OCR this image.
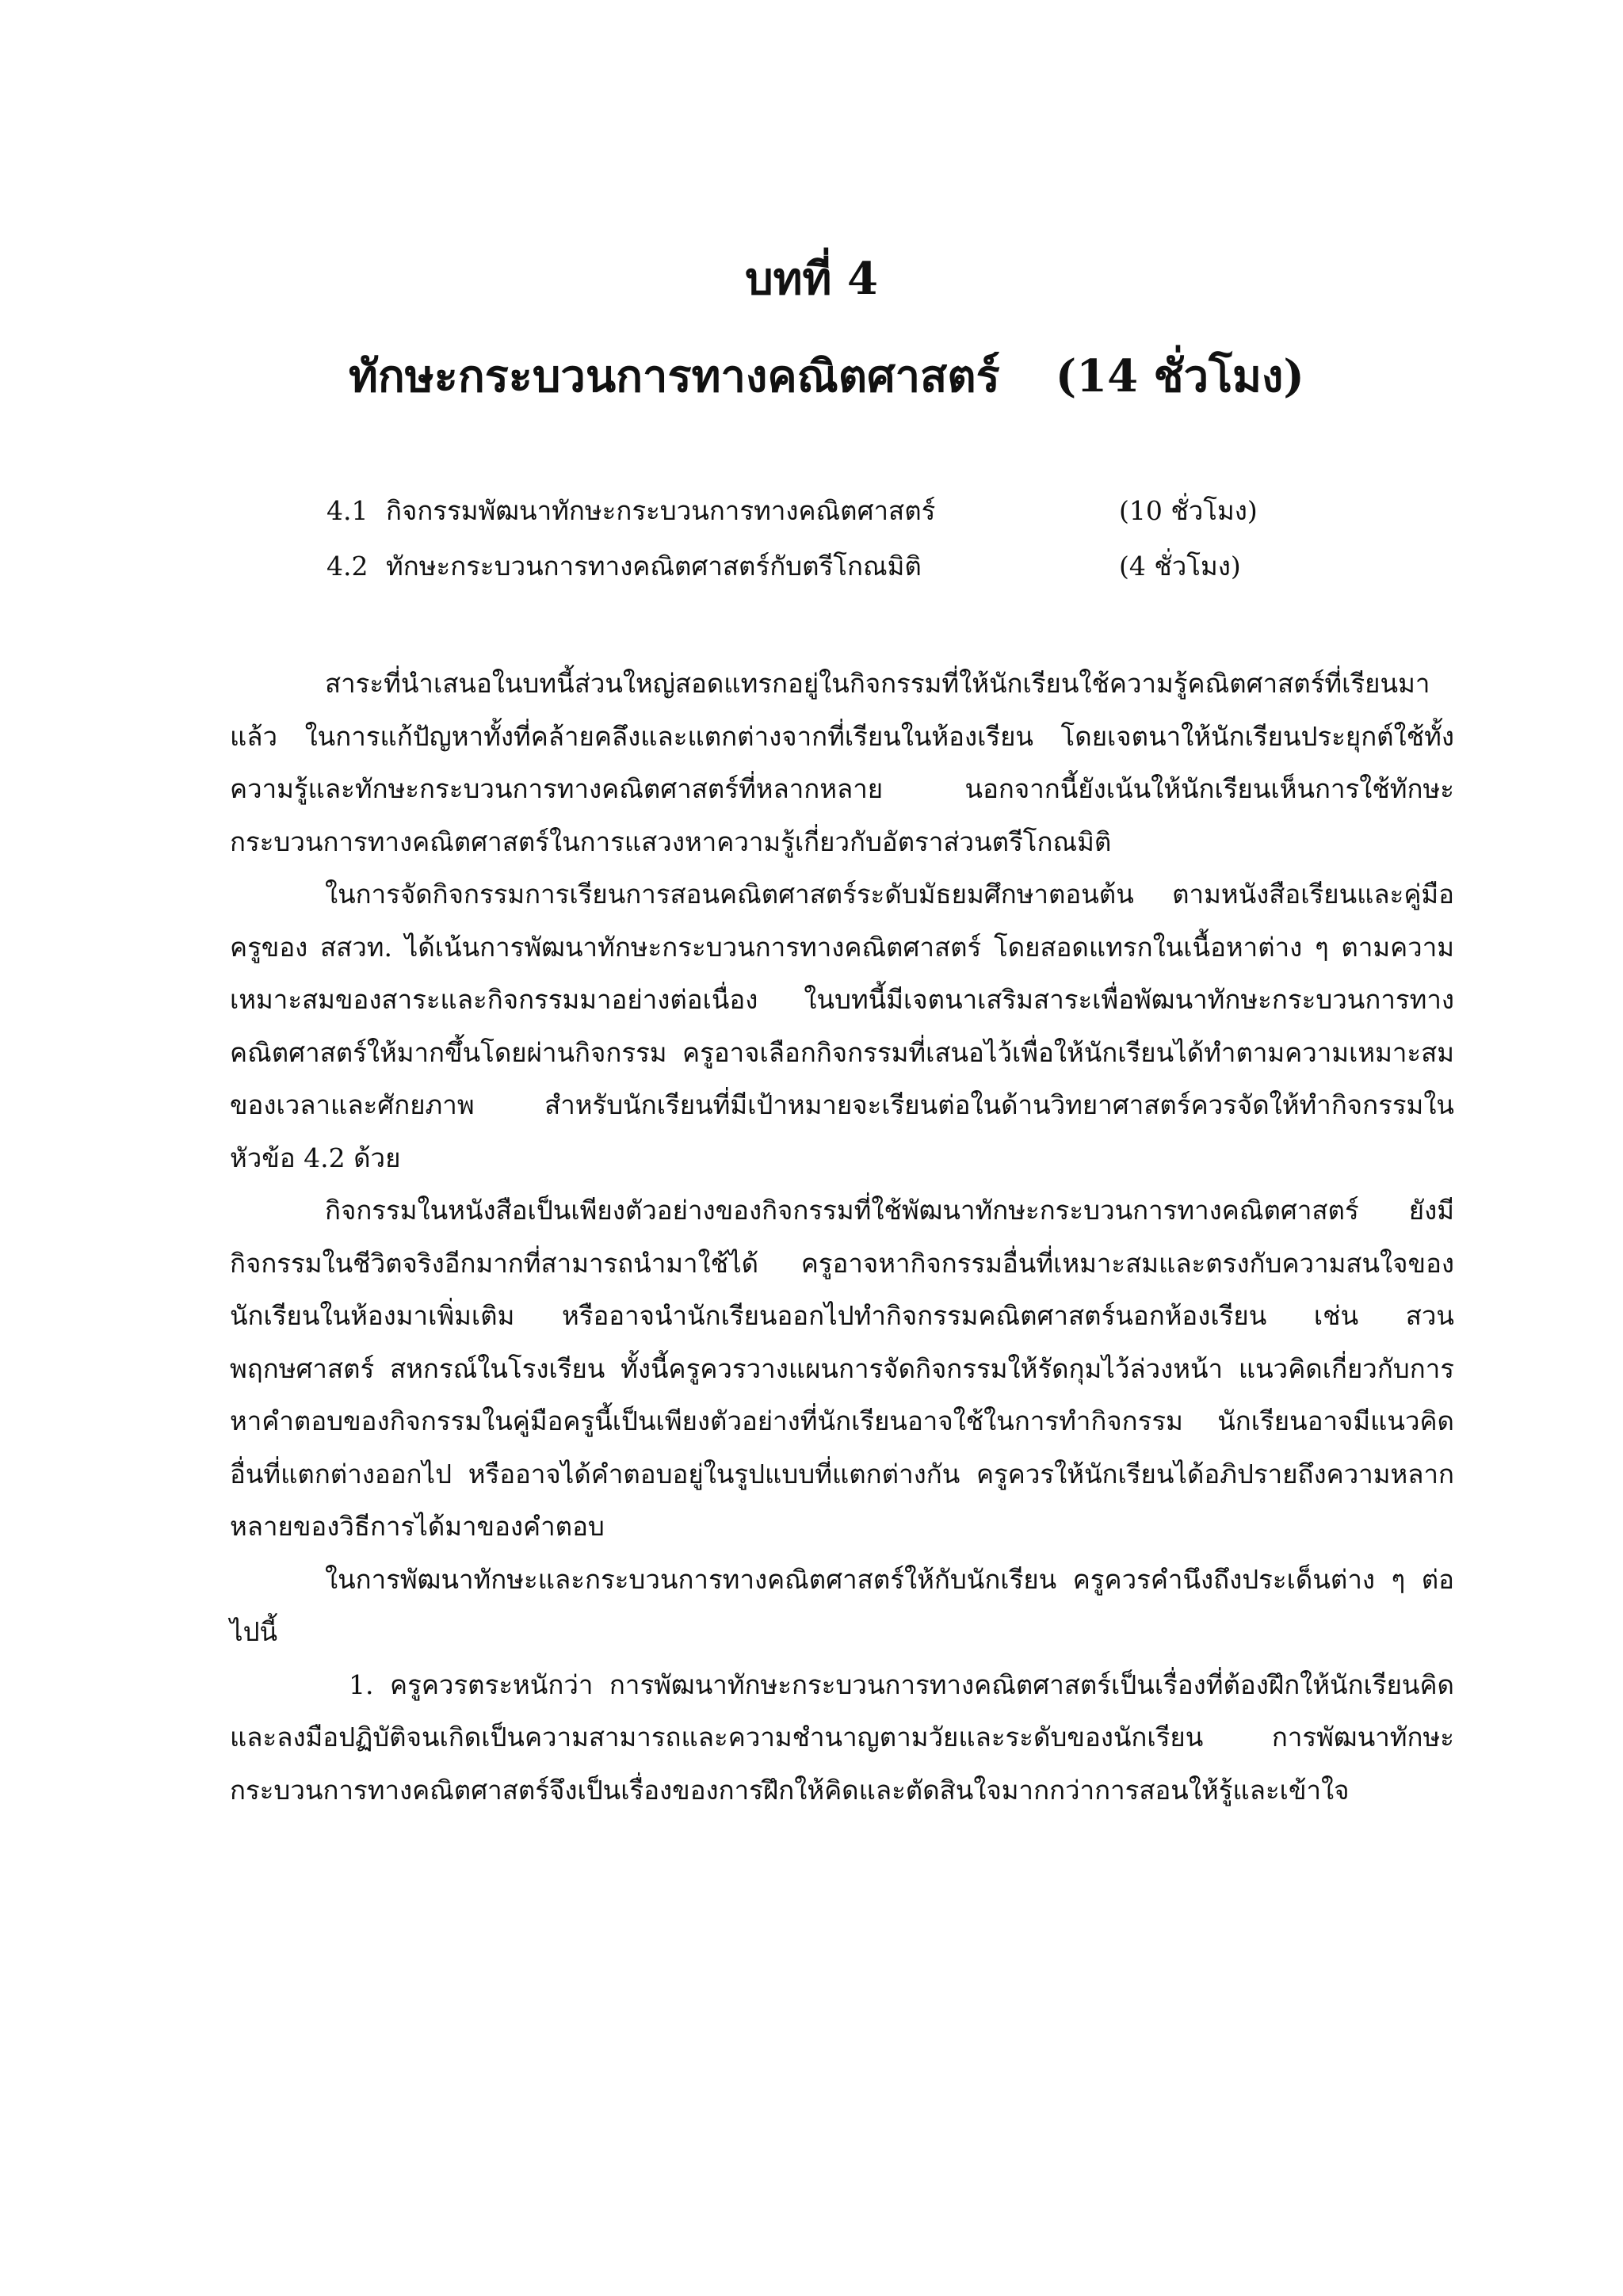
บทที่ 4
ทักษะกระบวนการทางคณิตศาสตร์ (14 ชั่วโมง)
4.1 กิจกรรมพัฒนาทักษะกระบวนการทางคณิตศาสตร์	(10 ชั่วโมง)
4.2 ทักษะกระบวนการทางคณิตศาสตร์กับตรีโกณมิติ	(4 ชั่วโมง)

สาระที่นำเสนอในบทนี้ส่วนใหญ่สอดแทรกอยู่ในกิจกรรมที่ให้นักเรียนใช้ความรู้คณิตศาสตร์ที่เรียนมาแล้ว ในการแก้ปัญหาทั้งที่คล้ายคลึงและแตกต่างจากที่เรียนในห้องเรียน โดยเจตนาให้นักเรียนประยุกต์ใช้ทั้งความรู้และทักษะกระบวนการทางคณิตศาสตร์ที่หลากหลาย นอกจากนี้ยังเน้นให้นักเรียนเห็นการใช้ทักษะกระบวนการทางคณิตศาสตร์ในการแสวงหาความรู้เกี่ยวกับอัตราส่วนตรีโกณมิติ

ในการจัดกิจกรรมการเรียนการสอนคณิตศาสตร์ระดับมัธยมศึกษาตอนต้น ตามหนังสือเรียนและคู่มือครูของ สสวท. ได้เน้นการพัฒนาทักษะกระบวนการทางคณิตศาสตร์ โดยสอดแทรกในเนื้อหาต่าง ๆ ตามความเหมาะสมของสาระและกิจกรรมมาอย่างต่อเนื่อง ในบทนี้มีเจตนาเสริมสาระเพื่อพัฒนาทักษะกระบวนการทางคณิตศาสตร์ให้มากขึ้นโดยผ่านกิจกรรม ครูอาจเลือกกิจกรรมที่เสนอไว้เพื่อให้นักเรียนได้ทำตามความเหมาะสมของเวลาและศักยภาพ สำหรับนักเรียนที่มีเป้าหมายจะเรียนต่อในด้านวิทยาศาสตร์ควรจัดให้ทำกิจกรรมในหัวข้อ 4.2 ด้วย

กิจกรรมในหนังสือเป็นเพียงตัวอย่างของกิจกรรมที่ใช้พัฒนาทักษะกระบวนการทางคณิตศาสตร์ ยังมีกิจกรรมในชีวิตจริงอีกมากที่สามารถนำมาใช้ได้ ครูอาจหากิจกรรมอื่นที่เหมาะสมและตรงกับความสนใจของนักเรียนในห้องมาเพิ่มเติม หรืออาจนำนักเรียนออกไปทำกิจกรรมคณิตศาสตร์นอกห้องเรียน เช่น สวนพฤกษศาสตร์ สหกรณ์ในโรงเรียน ทั้งนี้ครูควรวางแผนการจัดกิจกรรมให้รัดกุมไว้ล่วงหน้า แนวคิดเกี่ยวกับการหาคำตอบของกิจกรรมในคู่มือครูนี้เป็นเพียงตัวอย่างที่นักเรียนอาจใช้ในการทำกิจกรรม นักเรียนอาจมีแนวคิดอื่นที่แตกต่างออกไป หรืออาจได้คำตอบอยู่ในรูปแบบที่แตกต่างกัน ครูควรให้นักเรียนได้อภิปรายถึงความหลากหลายของวิธีการได้มาของคำตอบ

ในการพัฒนาทักษะและกระบวนการทางคณิตศาสตร์ให้กับนักเรียน ครูควรคำนึงถึงประเด็นต่าง ๆ ต่อไปนี้

1. ครูควรตระหนักว่า การพัฒนาทักษะกระบวนการทางคณิตศาสตร์เป็นเรื่องที่ต้องฝึกให้นักเรียนคิดและลงมือปฏิบัติจนเกิดเป็นความสามารถและความชำนาญตามวัยและระดับของนักเรียน การพัฒนาทักษะกระบวนการทางคณิตศาสตร์จึงเป็นเรื่องของการฝึกให้คิดและตัดสินใจมากกว่าการสอนให้รู้และเข้าใจ
